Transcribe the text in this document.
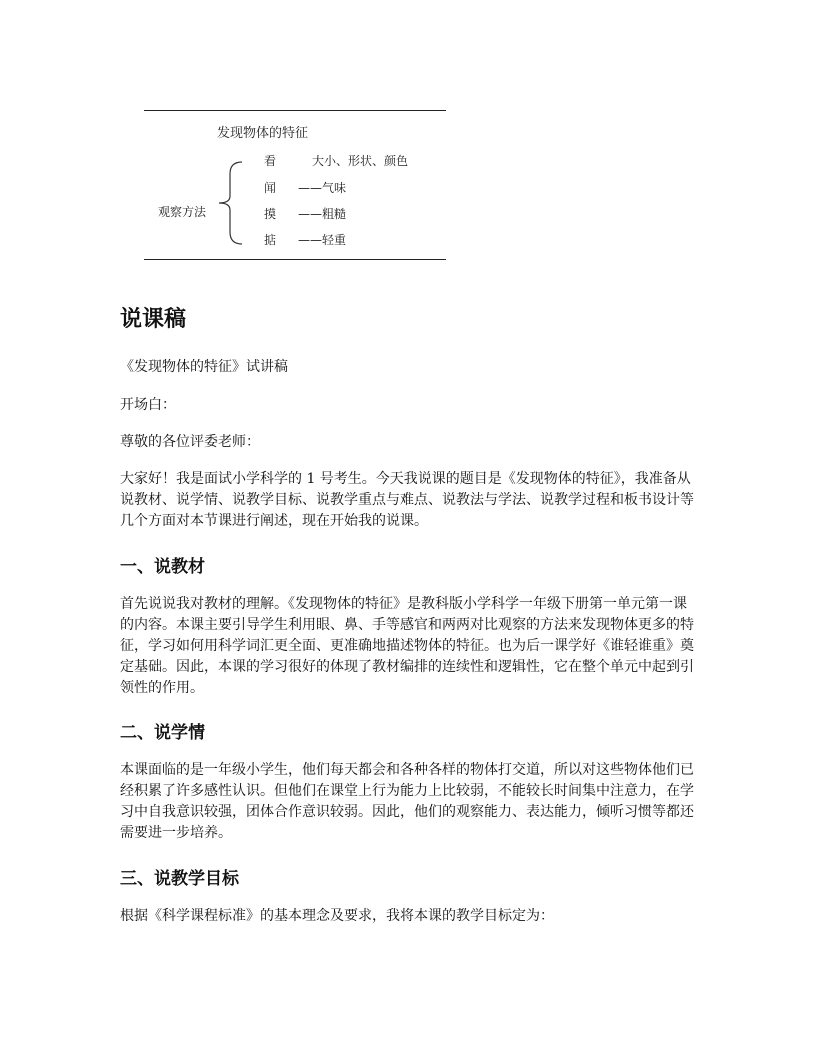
发现物体的特征
观察方法
看	大小、形状、颜色
闻 ——气味
摸 ——粗糙
掂 ——轻重
说课稿

《发现物体的特征》试讲稿

开场白：

尊敬的各位评委老师：

大家好！我是面试小学科学的 1 号考生。今天我说课的题目是《发现物体的特征》，我准备从说教材、说学情、说教学目标、说教学重点与难点、说教法与学法、说教学过程和板书设计等几个方面对本节课进行阐述，现在开始我的说课。

一、说教材

首先说说我对教材的理解。《发现物体的特征》是教科版小学科学一年级下册第一单元第一课的内容。本课主要引导学生利用眼、鼻、手等感官和两两对比观察的方法来发现物体更多的特征，学习如何用科学词汇更全面、更准确地描述物体的特征。也为后一课学好《谁轻谁重》奠定基础。因此，本课的学习很好的体现了教材编排的连续性和逻辑性，它在整个单元中起到引领性的作用。

二、说学情

本课面临的是一年级小学生，他们每天都会和各种各样的物体打交道，所以对这些物体他们已经积累了许多感性认识。但他们在课堂上行为能力上比较弱，不能较长时间集中注意力，在学习中自我意识较强，团体合作意识较弱。因此，他们的观察能力、表达能力，倾听习惯等都还需要进一步培养。

三、说教学目标

根据《科学课程标准》的基本理念及要求，我将本课的教学目标定为：
